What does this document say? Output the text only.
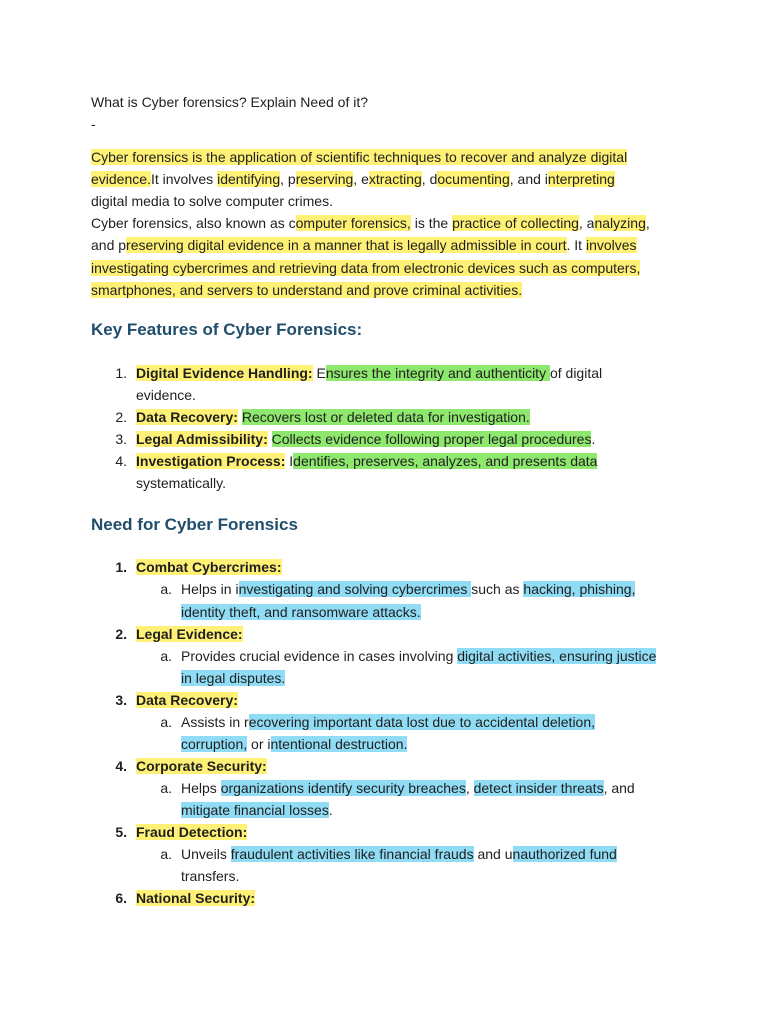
What is Cyber forensics? Explain Need of it?
-
Cyber forensics is the application of scientific techniques to recover and analyze digital
evidence.It involves identifying, preserving, extracting, documenting, and interpreting
digital media to solve computer crimes.
Cyber forensics, also known as computer forensics, is the practice of collecting, analyzing,
and preserving digital evidence in a manner that is legally admissible in court. It involves
investigating cybercrimes and retrieving data from electronic devices such as computers,
smartphones, and servers to understand and prove criminal activities.
Key Features of Cyber Forensics:
1. Digital Evidence Handling: Ensures the integrity and authenticity of digital
evidence.
2. Data Recovery: Recovers lost or deleted data for investigation.
3. Legal Admissibility: Collects evidence following proper legal procedures.
4. Investigation Process: Identifies, preserves, analyzes, and presents data
systematically.
Need for Cyber Forensics
1. Combat Cybercrimes:
a. Helps in investigating and solving cybercrimes such as hacking, phishing,
identity theft, and ransomware attacks.
2. Legal Evidence:
a. Provides crucial evidence in cases involving digital activities, ensuring justice
in legal disputes.
3. Data Recovery:
a. Assists in recovering important data lost due to accidental deletion,
corruption, or intentional destruction.
4. Corporate Security:
a. Helps organizations identify security breaches, detect insider threats, and
mitigate financial losses.
5. Fraud Detection:
a. Unveils fraudulent activities like financial frauds and unauthorized fund
transfers.
6. National Security:
